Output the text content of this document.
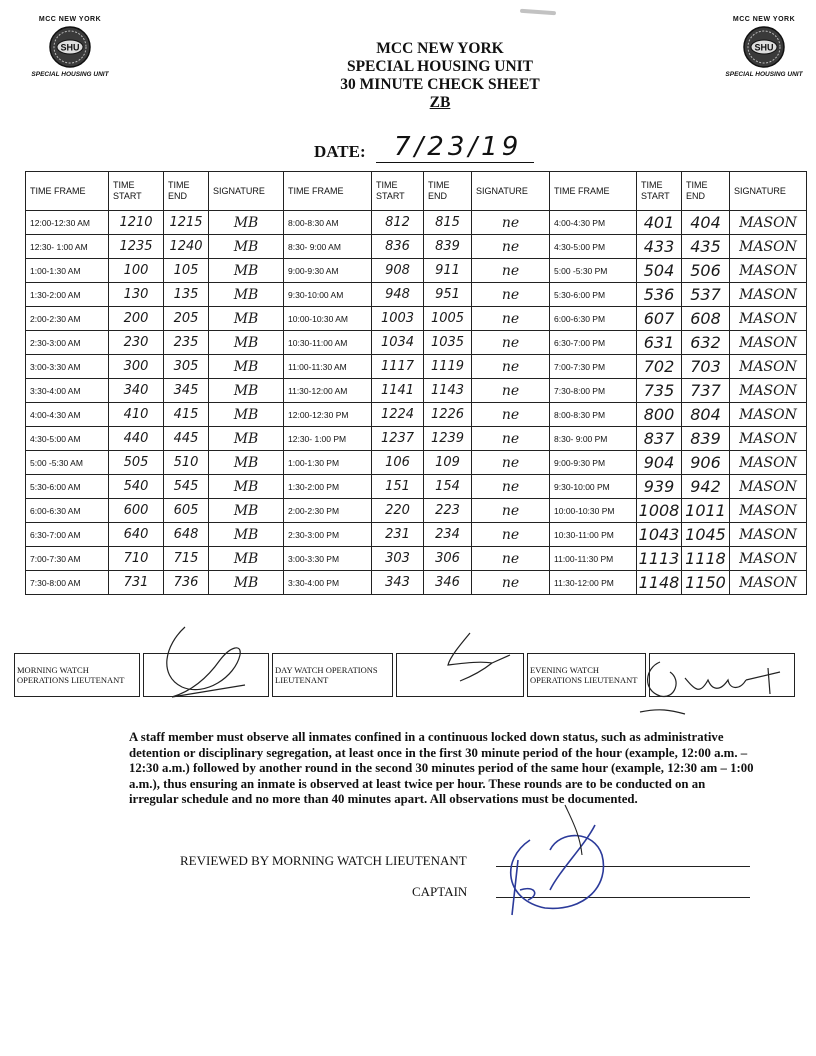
MCC NEW YORK
SHU
SPECIAL HOUSING UNIT
MCC NEW YORK
SHU
SPECIAL HOUSING UNIT
MCC NEW YORK
SPECIAL HOUSING UNIT
30 MINUTE CHECK SHEET
ZB
DATE: 7/23/19
TIME FRAME	TIME START	TIME END	SIGNATURE	TIME FRAME	TIME START	TIME END	SIGNATURE	TIME FRAME	TIME START	TIME END	SIGNATURE
12:00-12:30 AM	1210	1215	MB	8:00-8:30 AM	812	815	ne	4:00-4:30 PM	401	404	MASON
12:30- 1:00 AM	1235	1240	MB	8:30- 9:00 AM	836	839	ne	4:30-5:00 PM	433	435	MASON
1:00-1:30 AM	100	105	MB	9:00-9:30 AM	908	911	ne	5:00 -5:30 PM	504	506	MASON
1:30-2:00 AM	130	135	MB	9:30-10:00 AM	948	951	ne	5:30-6:00 PM	536	537	MASON
2:00-2:30 AM	200	205	MB	10:00-10:30 AM	1003	1005	ne	6:00-6:30 PM	607	608	MASON
2:30-3:00 AM	230	235	MB	10:30-11:00 AM	1034	1035	ne	6:30-7:00 PM	631	632	MASON
3:00-3:30 AM	300	305	MB	11:00-11:30 AM	1117	1119	ne	7:00-7:30 PM	702	703	MASON
3:30-4:00 AM	340	345	MB	11:30-12:00 AM	1141	1143	ne	7:30-8:00 PM	735	737	MASON
4:00-4:30 AM	410	415	MB	12:00-12:30 PM	1224	1226	ne	8:00-8:30 PM	800	804	MASON
4:30-5:00 AM	440	445	MB	12:30- 1:00 PM	1237	1239	ne	8:30- 9:00 PM	837	839	MASON
5:00 -5:30 AM	505	510	MB	1:00-1:30 PM	106	109	ne	9:00-9:30 PM	904	906	MASON
5:30-6:00 AM	540	545	MB	1:30-2:00 PM	151	154	ne	9:30-10:00 PM	939	942	MASON
6:00-6:30 AM	600	605	MB	2:00-2:30 PM	220	223	ne	10:00-10:30 PM	1008	1011	MASON
6:30-7:00 AM	640	648	MB	2:30-3:00 PM	231	234	ne	10:30-11:00 PM	1043	1045	MASON
7:00-7:30 AM	710	715	MB	3:00-3:30 PM	303	306	ne	11:00-11:30 PM	1113	1118	MASON
7:30-8:00 AM	731	736	MB	3:30-4:00 PM	343	346	ne	11:30-12:00 PM	1148	1150	MASON
MORNING WATCH OPERATIONS LIEUTENANT				DAY WATCH OPERATIONS LIEUTENANT				EVENING WATCH OPERATIONS LIEUTENANT		
A staff member must observe all inmates confined in a continuous locked down status, such as administrative detention or disciplinary segregation, at least once in the first 30 minute period of the hour (example, 12:00 a.m. – 12:30 a.m.) followed by another round in the second 30 minutes period of the same hour (example, 12:30 am – 1:00 a.m.), thus ensuring an inmate is observed at least twice per hour. These rounds are to be conducted on an irregular schedule and no more than 40 minutes apart. All observations must be documented.
REVIEWED BY MORNING WATCH LIEUTENANT
CAPTAIN
